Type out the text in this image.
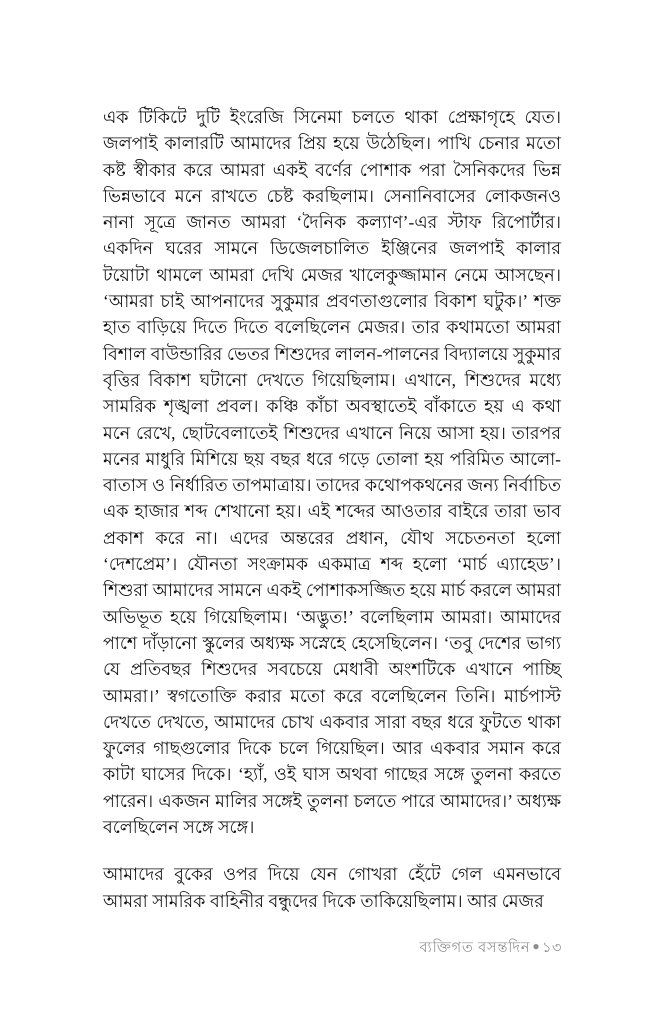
এক টিকিটে দুটি ইংরেজি সিনেমা চলতে থাকা প্রেক্ষাগৃহে যেত। জলপাই কালারটি আমাদের প্রিয় হয়ে উঠেছিল। পাখি চেনার মতো কষ্ট স্বীকার করে আমরা একই বর্ণের পোশাক পরা সৈনিকদের ভিন্ন ভিন্নভাবে মনে রাখতে চেষ্ট করছিলাম। সেনানিবাসের লোকজনও নানা সূত্রে জানত আমরা ‘দৈনিক কল্যাণ’-এর স্টাফ রিপোর্টার। একদিন ঘরের সামনে ডিজেলচালিত ইঞ্জিনের জলপাই কালার টয়োটা থামলে আমরা দেখি মেজর খালেকুজ্জামান নেমে আসছেন। ‘আমরা চাই আপনাদের সুকুমার প্রবণতাগুলোর বিকাশ ঘটুক।’ শক্ত হাত বাড়িয়ে দিতে দিতে বলেছিলেন মেজর। তার কথামতো আমরা বিশাল বাউন্ডারির ভেতর শিশুদের লালন-পালনের বিদ্যালয়ে সুকুমার বৃত্তির বিকাশ ঘটানো দেখতে গিয়েছিলাম। এখানে, শিশুদের মধ্যে সামরিক শৃঙ্খলা প্রবল। কঞ্চি কাঁচা অবস্থাতেই বাঁকাতে হয় এ কথা মনে রেখে, ছোটবেলাতেই শিশুদের এখানে নিয়ে আসা হয়। তারপর মনের মাধুরি মিশিয়ে ছয় বছর ধরে গড়ে তোলা হয় পরিমিত আলো-বাতাস ও নির্ধারিত তাপমাত্রায়। তাদের কথোপকথনের জন্য নির্বাচিত এক হাজার শব্দ শেখানো হয়। এই শব্দের আওতার বাইরে তারা ভাব প্রকাশ করে না। এদের অন্তরের প্রধান, যৌথ সচেতনতা হলো ‘দেশপ্রেম’। যৌনতা সংক্রামক একমাত্র শব্দ হলো ‘মার্চ এ্যাহেড’। শিশুরা আমাদের সামনে একই পোশাকসজ্জিত হয়ে মার্চ করলে আমরা অভিভূত হয়ে গিয়েছিলাম। ‘অদ্ভুত!’ বলেছিলাম আমরা। আমাদের পাশে দাঁড়ানো স্কুলের অধ্যক্ষ সস্নেহে হেসেছিলেন। ‘তবু দেশের ভাগ্য যে প্রতিবছর শিশুদের সবচেয়ে মেধাবী অংশটিকে এখানে পাচ্ছি আমরা।’ স্বগতোক্তি করার মতো করে বলেছিলেন তিনি। মার্চপাস্ট দেখতে দেখতে, আমাদের চোখ একবার সারা বছর ধরে ফুটতে থাকা ফুলের গাছগুলোর দিকে চলে গিয়েছিল। আর একবার সমান করে কাটা ঘাসের দিকে। ‘হ্যাঁ, ওই ঘাস অথবা গাছের সঙ্গে তুলনা করতে পারেন। একজন মালির সঙ্গেই তুলনা চলতে পারে আমাদের।’ অধ্যক্ষ বলেছিলেন সঙ্গে সঙ্গে।

আমাদের বুকের ওপর দিয়ে যেন গোখরা হেঁটে গেল এমনভাবে আমরা সামরিক বাহিনীর বন্ধুদের দিকে তাকিয়েছিলাম। আর মেজর

ব্যক্তিগত বসন্তদিন ● ১৩
